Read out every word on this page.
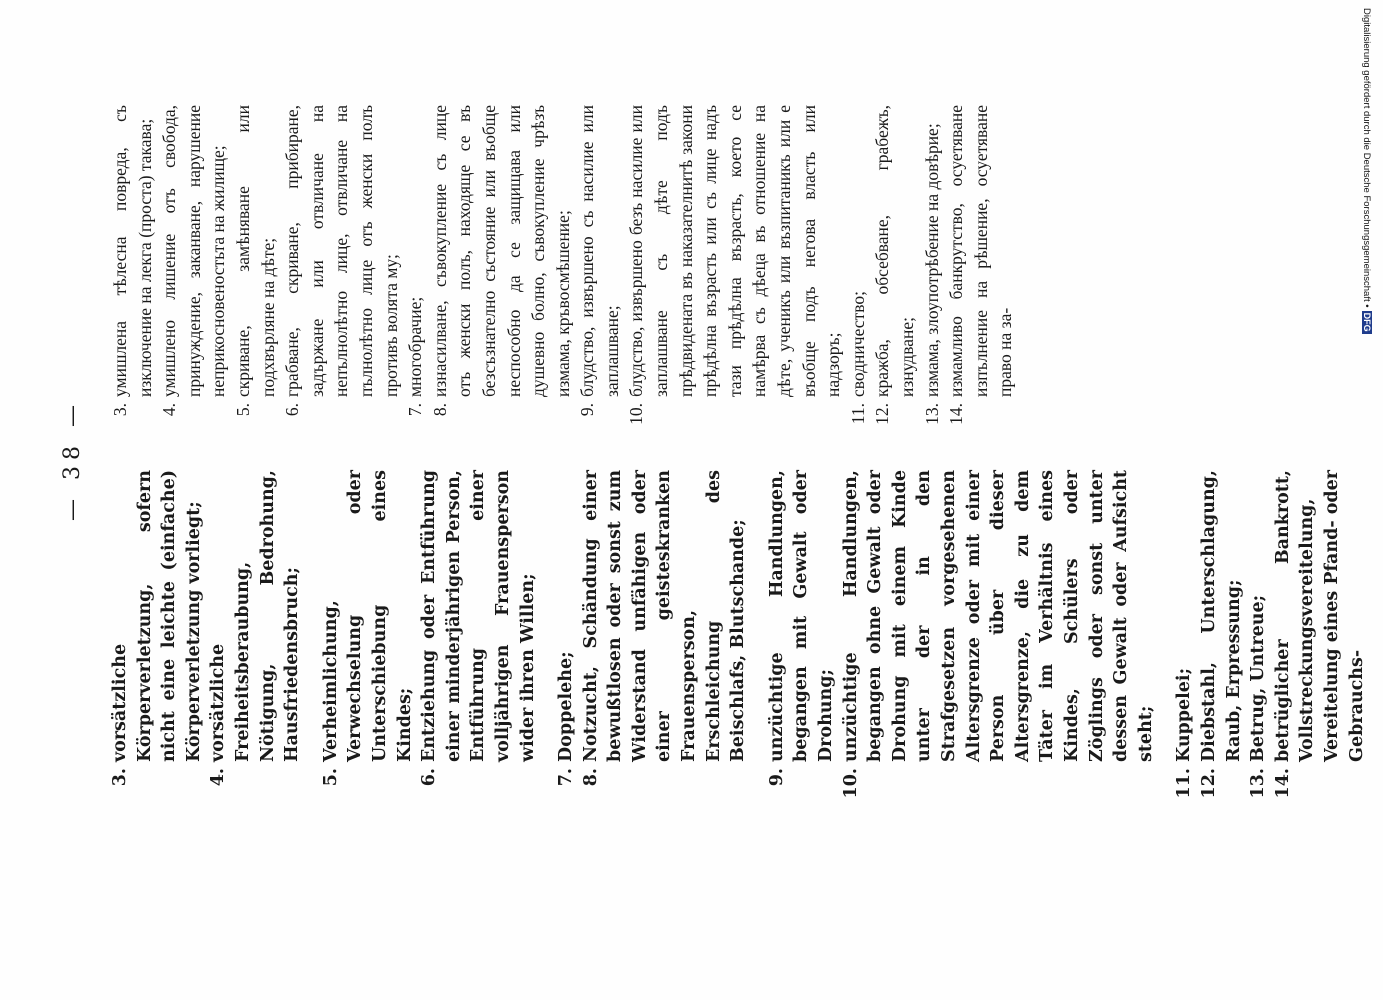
— 38 —
3.
vorsätzliche Körperverletzung, sofern nicht eine leichte (einfache) Körperverletzung vorliegt;
4.
vorsätzliche Freiheitsberaubung, Nötigung, Bedrohung, Hausfriedensbruch;
5.
Verheimlichung, Verwechselung oder Unterschiebung eines Kindes;
6.
Entziehung oder Entführung einer minderjährigen Person, Entführung einer volljährigen Frauensperson wider ihren Willen;
7.
Doppelehe;
8.
Notzucht, Schändung einer bewußtlosen oder sonst zum Widerstand unfähigen oder einer geisteskranken Frauensperson, Erschleichung des Beischlafs, Blutschande;
9.
unzüchtige Handlungen, begangen mit Gewalt oder Drohung;
10.
unzüchtige Handlungen, begangen ohne Gewalt oder Drohung mit einem Kinde unter der in den Strafgesetzen vorgesehenen Altersgrenze oder mit einer Person über dieser Altersgrenze, die zu dem Täter im Verhältnis eines Kindes, Schülers oder Zöglings oder sonst unter dessen Gewalt oder Aufsicht steht;
11.
Kuppelei;
12.
Diebstahl, Unterschlagung, Raub, Erpressung;
13.
Betrug, Untreue;
14.
betrüglicher Bankrott, Vollstreckungsvereitelung, Vereitelung eines Pfand- oder Gebrauchs-
3.
умишлена тѣлесна повреда, съ изключение на лекга (проста) такава;
4.
умишлено лишение отъ свобода, принуждение, заканване, нарушение неприкосновеностьта на жилище;
5.
скриване, замѣняване или подхвърляне на дѣте;
6.
грабване, скриване, прибиране, задържане или отвличане на непълнолѣтно лице, отвличане на пълнолѣтно лице отъ женски полъ противъ волята му;
7.
многобрачие;
8.
изнасилване, съвокупление съ лице отъ женски полъ, находяще се въ безсъзнателно състояние или въобще неспособно да се защищава или душевно болно, съвокупление чрѣзъ измама, кръвосмѣшение;
9.
блудство, извършено съ насилие или заплашване;
10.
блудство, извършено безъ насилие или заплашване съ дѣте подъ прѣдвидената въ наказателнитѣ закони прѣдѣлна възрасть или съ лице надъ тази прѣдѣлна възрасть, което се намѣрва съ дѣеца въ отношение на дѣте, ученикъ или възпитаникъ или е въобще подъ негова власть или надзоръ;
11.
сводничество;
12.
кражба, обсебване, грабежъ, изнудване;
13.
измама, злоупотрѣбение на довѣрие;
14.
измамливо банкрутство, осуетяване изпълнение на рѣшение, осуетяване право на за-
Digitalisierung gefördert durch die Deutsche Forschungsgemeinschaft •DFG
